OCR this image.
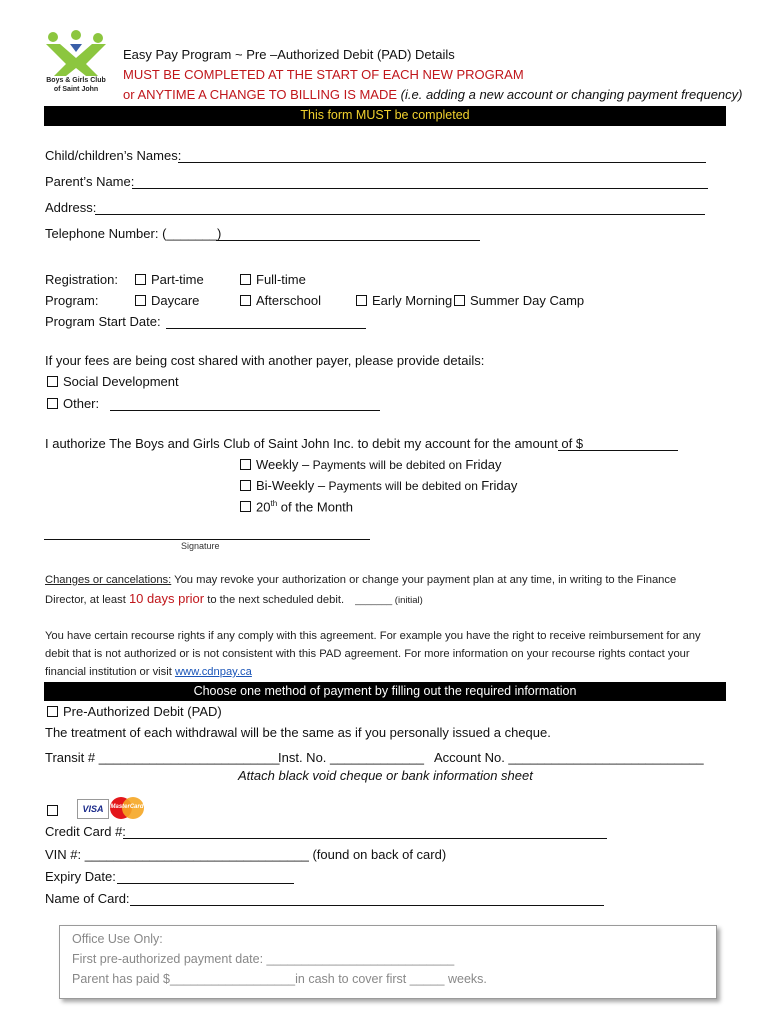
Boys & Girls Club
of Saint John
Easy Pay Program ~ Pre –Authorized Debit (PAD) Details
MUST BE COMPLETED AT THE START OF EACH NEW PROGRAM
or ANYTIME A CHANGE TO BILLING IS MADE (i.e. adding a new account or changing payment frequency)
This form MUST be completed
Child/children’s Names:
Parent’s Name:
Address:
Telephone Number: (_______)
Registration:	Part-time	Full-time
Program:	Daycare	Afterschool	Early Morning	Summer Day Camp
Program Start Date:
If your fees are being cost shared with another payer, please provide details:
Social Development
Other:
I authorize The Boys and Girls Club of Saint John Inc. to debit my account for the amount of $
Weekly – Payments will be debited on Friday
Bi-Weekly – Payments will be debited on Friday
20th of the Month
Signature
Changes or cancelations: You may revoke your authorization or change your payment plan at any time, in writing to the Finance
Director, at least 10 days prior to the next scheduled debit. _______ (initial)
You have certain recourse rights if any comply with this agreement. For example you have the right to receive reimbursement for any
debit that is not authorized or is not consistent with this PAD agreement. For more information on your recourse rights contact your
financial institution or visit www.cdnpay.ca
Choose one method of payment by filling out the required information
Pre-Authorized Debit (PAD)
The treatment of each withdrawal will be the same as if you personally issued a cheque.
Transit # _________________________
Inst. No. _____________ Account No. ___________________________
Attach black void cheque or bank information sheet
VISA	MasterCard
Credit Card #:
VIN #: _______________________________ (found on back of card)
Expiry Date:
Name of Card:
Office Use Only:
First pre-authorized payment date: ___________________________
Parent has paid $__________________in cash to cover first _____ weeks.
